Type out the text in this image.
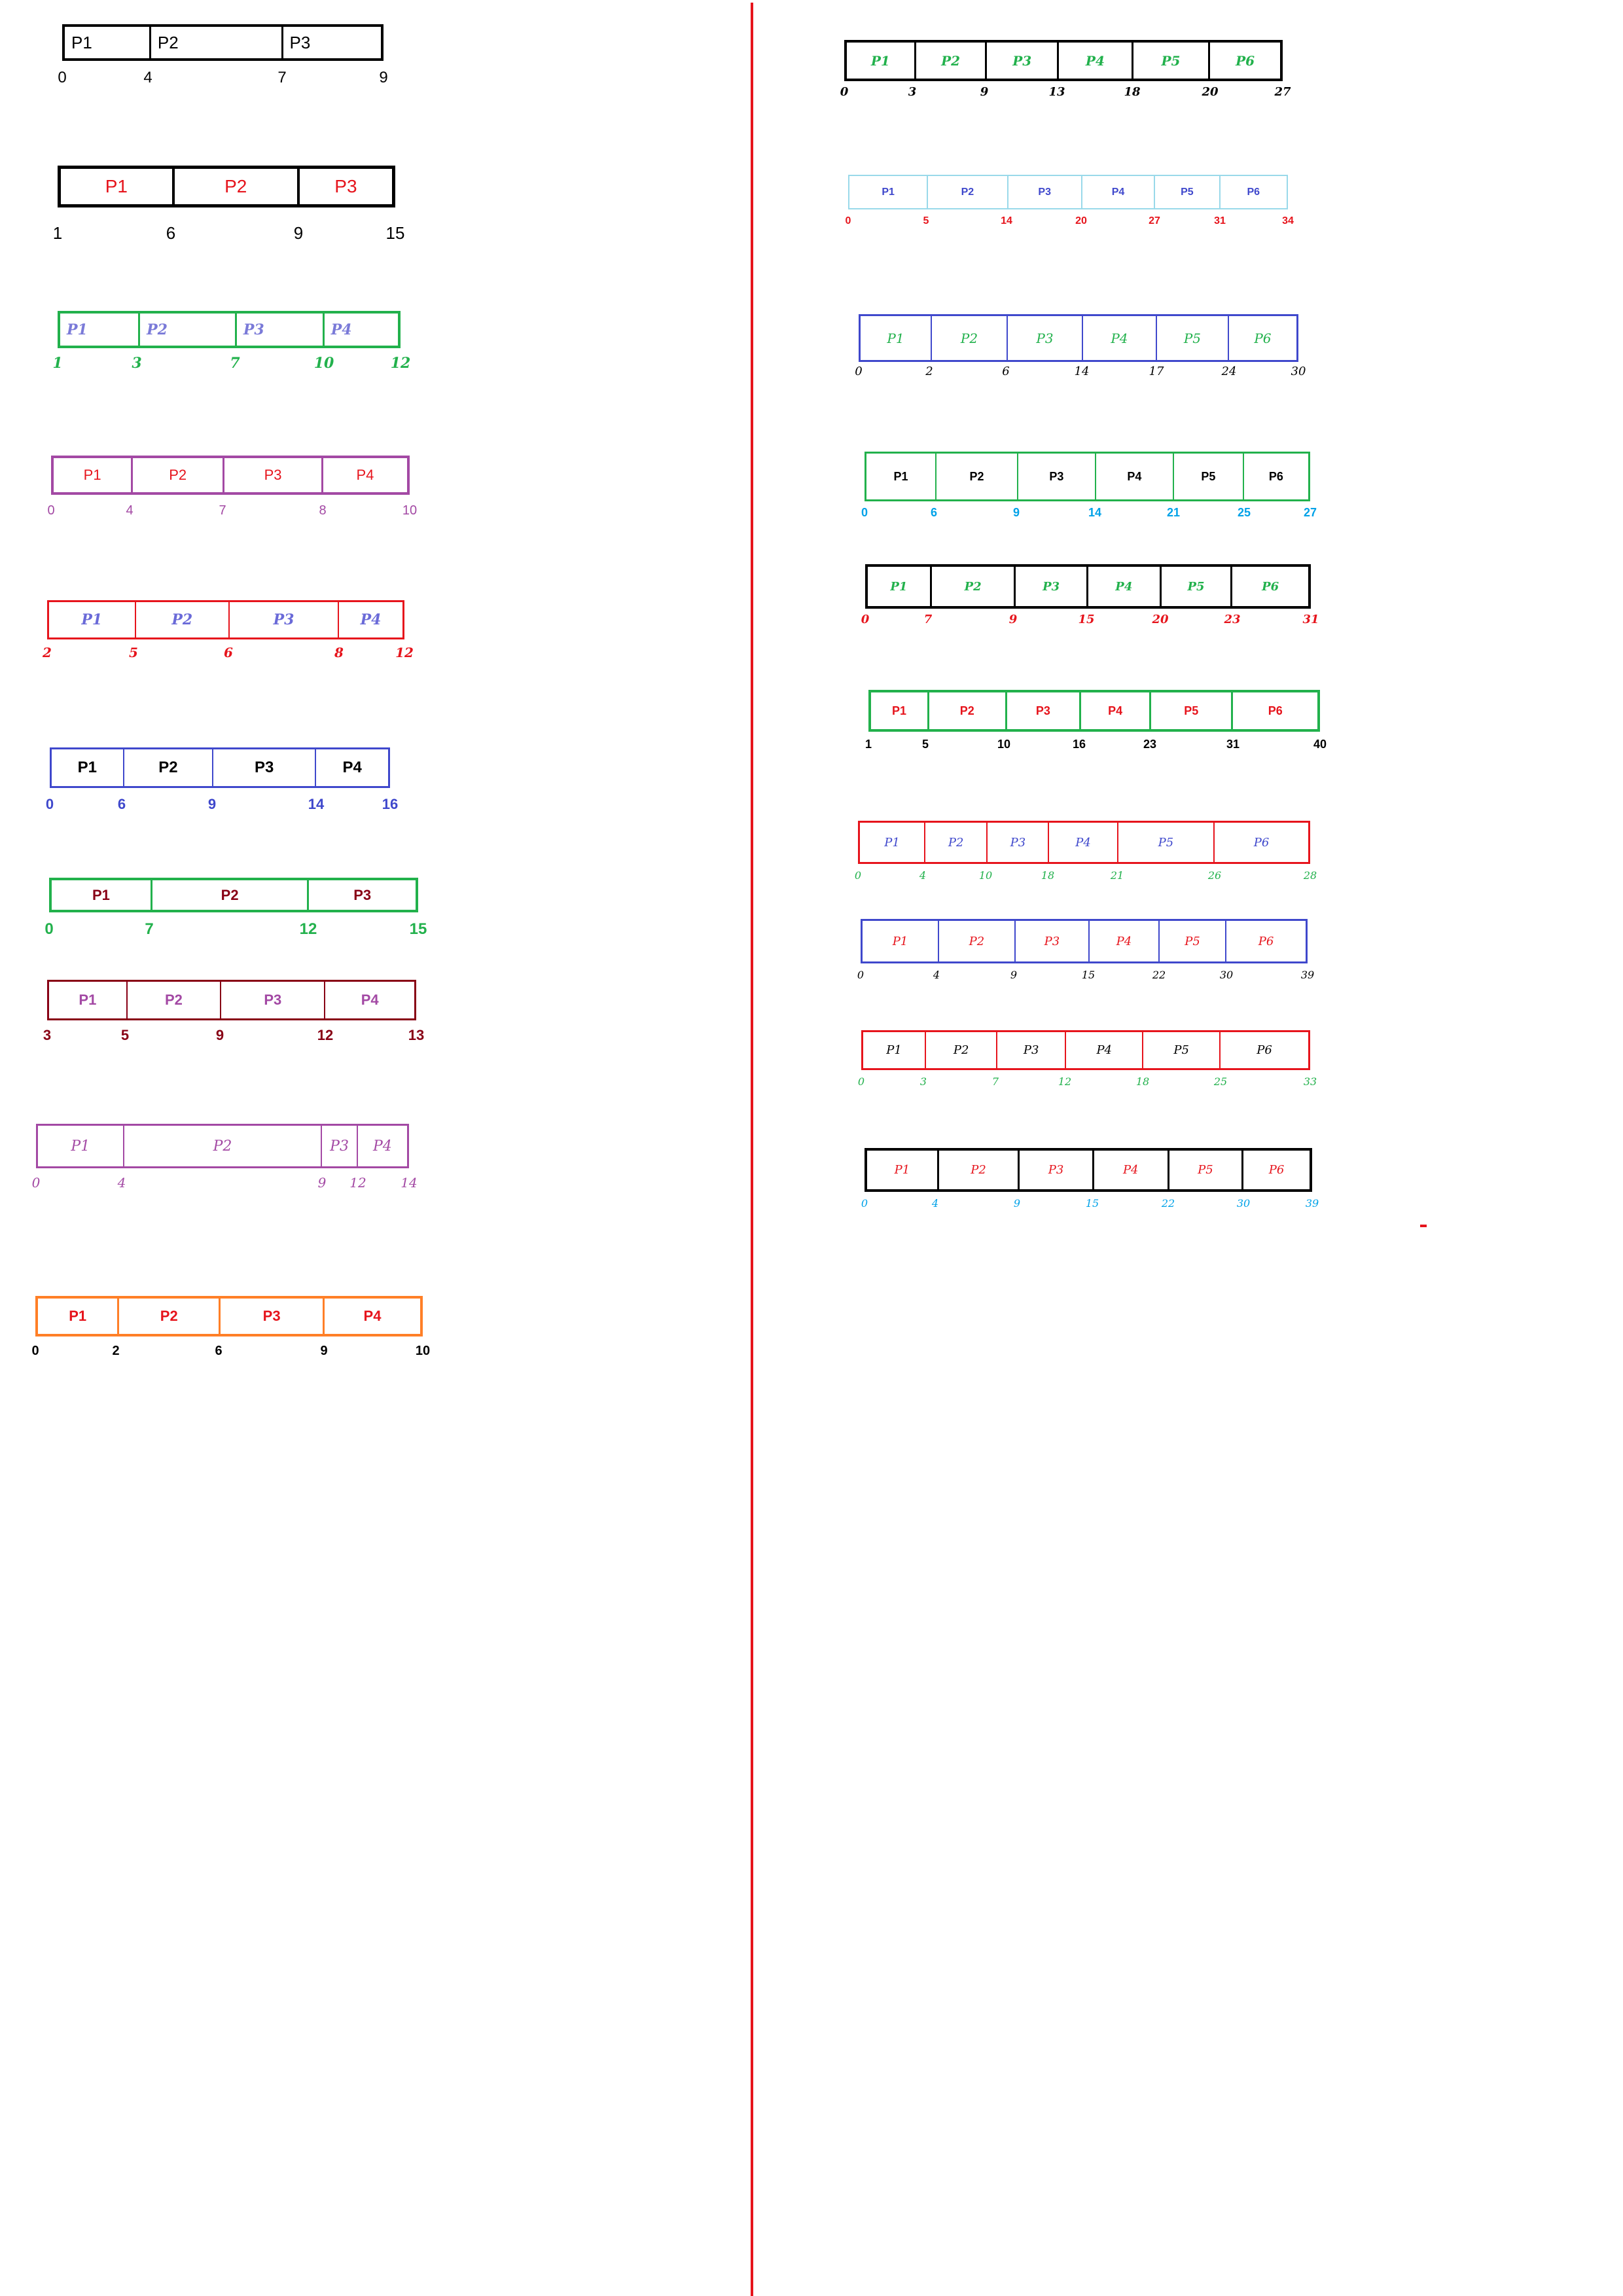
P1	P2	P3
0	4	7	9
P1	P2	P3
1	6	9	15
P1	P2	P3	P4
1	3	7	10	12
P1	P2	P3	P4
0	4	7	8	10
P1	P2	P3	P4
2	5	6	8	12
P1	P2	P3	P4
0	6	9	14	16
P1	P2	P3
0	7	12	15
P1	P2	P3	P4
3	5	9	12	13
P1	P2	P3 P4
0	4	9 12	14
P1	P2	P3	P4
0	2	6	9	10
P1	P2	P3	P4	P5	P6
0	3	9	13	18	20	27
P1	P2	P3	P4	P5	P6
0	5	14	20	27	31	34
P1	P2	P3	P4	P5	P6
0	2	6	14	17	24	30
P1	P2	P3	P4	P5	P6
0	6	9	14	21	25	27
P1	P2	P3	P4	P5	P6
0	7	9	15	20	23	31
P1	P2	P3	P4	P5	P6
1	5	10	16	23	31	40
P1	P2	P3	P4	P5	P6
0	4	10	18	21	26	28
P1	P2	P3	P4	P5	P6
0	4	9	15	22	30	39
P1	P2	P3	P4	P5	P6
0	3	7	12	18	25	33
P1	P2	P3	P4	P5	P6
0	4	9	15	22	30	39
